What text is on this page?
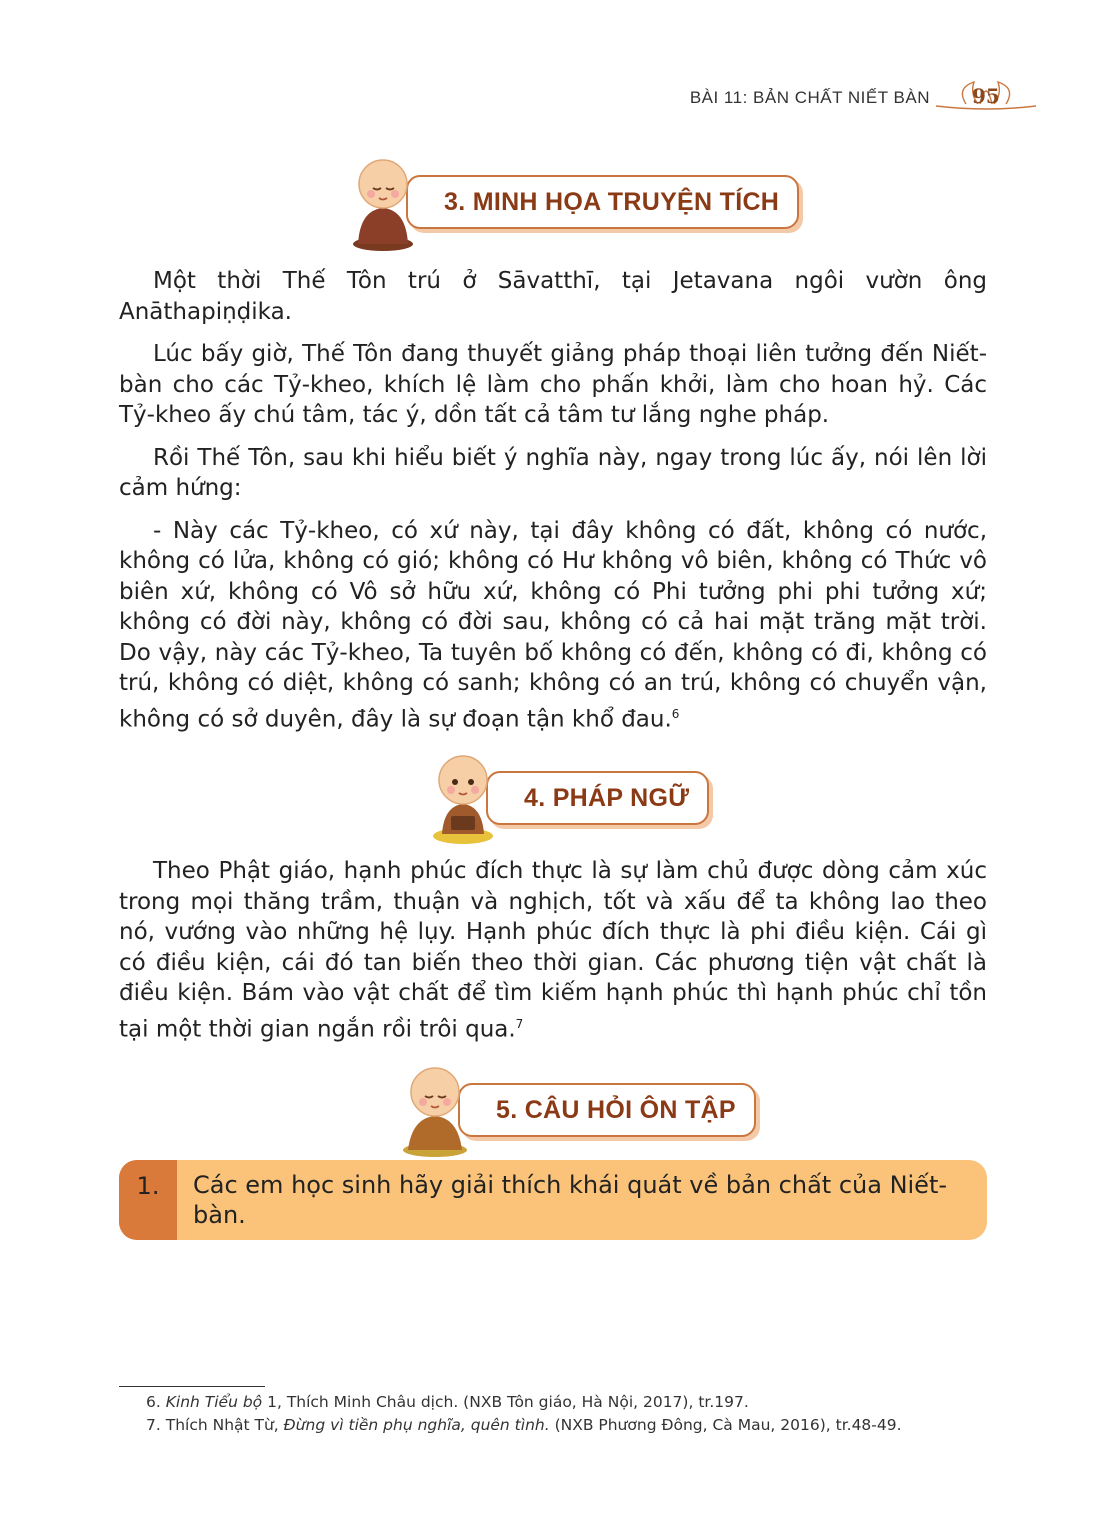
BÀI 11: BẢN CHẤT NIẾT BÀN 95
3. MINH HỌA TRUYỆN TÍCH

Một thời Thế Tôn trú ở Sāvatthī, tại Jetavana ngôi vườn ông Anāthapiṇḍika.

Lúc bấy giờ, Thế Tôn đang thuyết giảng pháp thoại liên tưởng đến Niết-bàn cho các Tỷ-kheo, khích lệ làm cho phấn khởi, làm cho hoan hỷ. Các Tỷ-kheo ấy chú tâm, tác ý, dồn tất cả tâm tư lắng nghe pháp.

Rồi Thế Tôn, sau khi hiểu biết ý nghĩa này, ngay trong lúc ấy, nói lên lời cảm hứng:

- Này các Tỷ-kheo, có xứ này, tại đây không có đất, không có nước, không có lửa, không có gió; không có Hư không vô biên, không có Thức vô biên xứ, không có Vô sở hữu xứ, không có Phi tưởng phi phi tưởng xứ; không có đời này, không có đời sau, không có cả hai mặt trăng mặt trời. Do vậy, này các Tỷ-kheo, Ta tuyên bố không có đến, không có đi, không có trú, không có diệt, không có sanh; không có an trú, không có chuyển vận, không có sở duyên, đây là sự đoạn tận khổ đau.$^6$

4. PHÁP NGỮ

Theo Phật giáo, hạnh phúc đích thực là sự làm chủ được dòng cảm xúc trong mọi thăng trầm, thuận và nghịch, tốt và xấu để ta không lao theo nó, vướng vào những hệ lụy. Hạnh phúc đích thực là phi điều kiện. Cái gì có điều kiện, cái đó tan biến theo thời gian. Các phương tiện vật chất là điều kiện. Bám vào vật chất để tìm kiếm hạnh phúc thì hạnh phúc chỉ tồn tại một thời gian ngắn rồi trôi qua.$^7$

5. CÂU HỎI ÔN TẬP
1.	Các em học sinh hãy giải thích khái quát về bản chất của Niết-bàn.
6. Kinh Tiểu bộ 1, Thích Minh Châu dịch. (NXB Tôn giáo, Hà Nội, 2017), tr.197.
7. Thích Nhật Từ, Đừng vì tiền phụ nghĩa, quên tình. (NXB Phương Đông, Cà Mau, 2016), tr.48-49.
